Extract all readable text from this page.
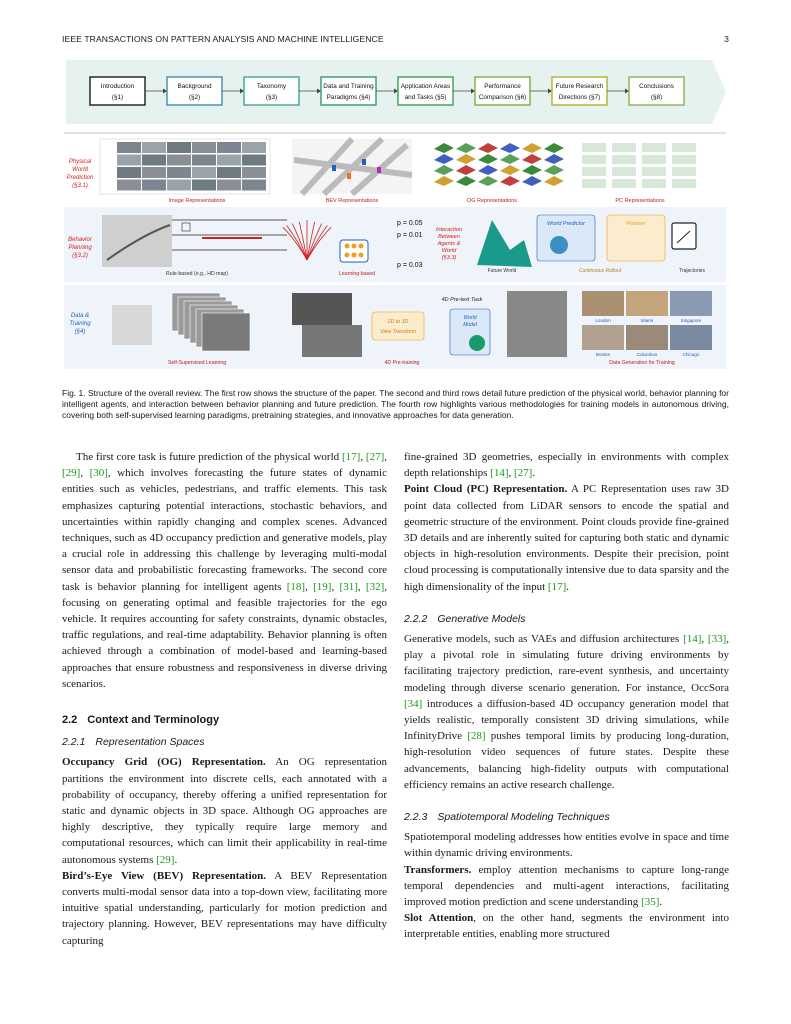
IEEE TRANSACTIONS ON PATTERN ANALYSIS AND MACHINE INTELLIGENCE	3
Introduction
(§1)
Background
(§2)
Taxonomy
(§3)
Data and Training
Paradigms (§4)
Application Areas
and Tasks (§5)
Performance
Comparison (§6)
Future Research
Directions (§7)
Conclusions
(§8)
Physical World Prediction (§3.1)
Image Representations	BEV Representations	OG Representations	PC Representations
Behavior Planning (§3.2)
p = 0.05
p = 0.01
p = 0.03
Rule-based (e.g., HD map)	Learning-based
Interaction Between Agents & World (§3.3)
Future World
World Predictor	Planner
Continuous Rollout	Trajectories
Data & Training (§4)
Self-Supervised Learning
4D Pre-text Task
2D to 3D
View Transform
World
Model
4D Pre-training
London	Miami	Singapore
Boston	Columbus	Chicago
Data Generation for Training
Fig. 1. Structure of the overall review. The first row shows the structure of the paper. The second and third rows detail future prediction of the physical world, behavior planning for intelligent agents, and interaction between behavior planning and future prediction. The fourth row highlights various methodologies for training models in autonomous driving, covering both self-supervised learning paradigms, pretraining strategies, and innovative approaches for data generation.

The first core task is future prediction of the physical world [17], [27], [29], [30], which involves forecasting the future states of dynamic entities such as vehicles, pedestrians, and traffic elements. This task emphasizes capturing potential interactions, stochastic behaviors, and uncertainties within rapidly changing and complex scenes. Advanced techniques, such as 4D occupancy prediction and generative models, play a crucial role in addressing this challenge by leveraging multi-modal sensor data and probabilistic forecasting frameworks. The second core task is behavior planning for intelligent agents [18], [19], [31], [32], focusing on generating optimal and feasible trajectories for the ego vehicle. It requires accounting for safety constraints, dynamic obstacles, traffic regulations, and real-time adaptability. Behavior planning is often achieved through a combination of model-based and learning-based approaches that ensure robustness and responsiveness in diverse driving scenarios.

2.2 Context and Terminology
2.2.1 Representation Spaces

Occupancy Grid (OG) Representation. An OG representation partitions the environment into discrete cells, each annotated with a probability of occupancy, thereby offering a unified representation for static and dynamic objects in 3D space. Although OG approaches are highly descriptive, they typically require large memory and computational resources, which can limit their applicability in real-time autonomous systems [29].

Bird’s-Eye View (BEV) Representation. A BEV Representation converts multi-modal sensor data into a top-down view, facilitating more intuitive spatial understanding, particularly for motion prediction and trajectory planning. However, BEV representations may have difficulty capturing

fine-grained 3D geometries, especially in environments with complex depth relationships [14], [27].

Point Cloud (PC) Representation. A PC Representation uses raw 3D point data collected from LiDAR sensors to encode the spatial and geometric structure of the environment. Point clouds provide fine-grained 3D details and are inherently suited for capturing both static and dynamic objects in high-resolution environments. Despite their precision, point cloud processing is computationally intensive due to data sparsity and the high dimensionality of the input [17].

2.2.2 Generative Models

Generative models, such as VAEs and diffusion architectures [14], [33], play a pivotal role in simulating future driving environments by facilitating trajectory prediction, rare-event synthesis, and uncertainty modeling through diverse scenario generation. For instance, OccSora [34] introduces a diffusion-based 4D occupancy generation model that yields realistic, temporally consistent 3D driving simulations, while InfinityDrive [28] pushes temporal limits by producing long-duration, high-resolution video sequences of future states. Despite these advancements, balancing high-fidelity outputs with computational efficiency remains an active research challenge.

2.2.3 Spatiotemporal Modeling Techniques

Spatiotemporal modeling addresses how entities evolve in space and time within dynamic driving environments.

Transformers. employ attention mechanisms to capture long-range temporal dependencies and multi-agent interactions, facilitating improved motion prediction and scene understanding [35].

Slot Attention, on the other hand, segments the environment into interpretable entities, enabling more structured
